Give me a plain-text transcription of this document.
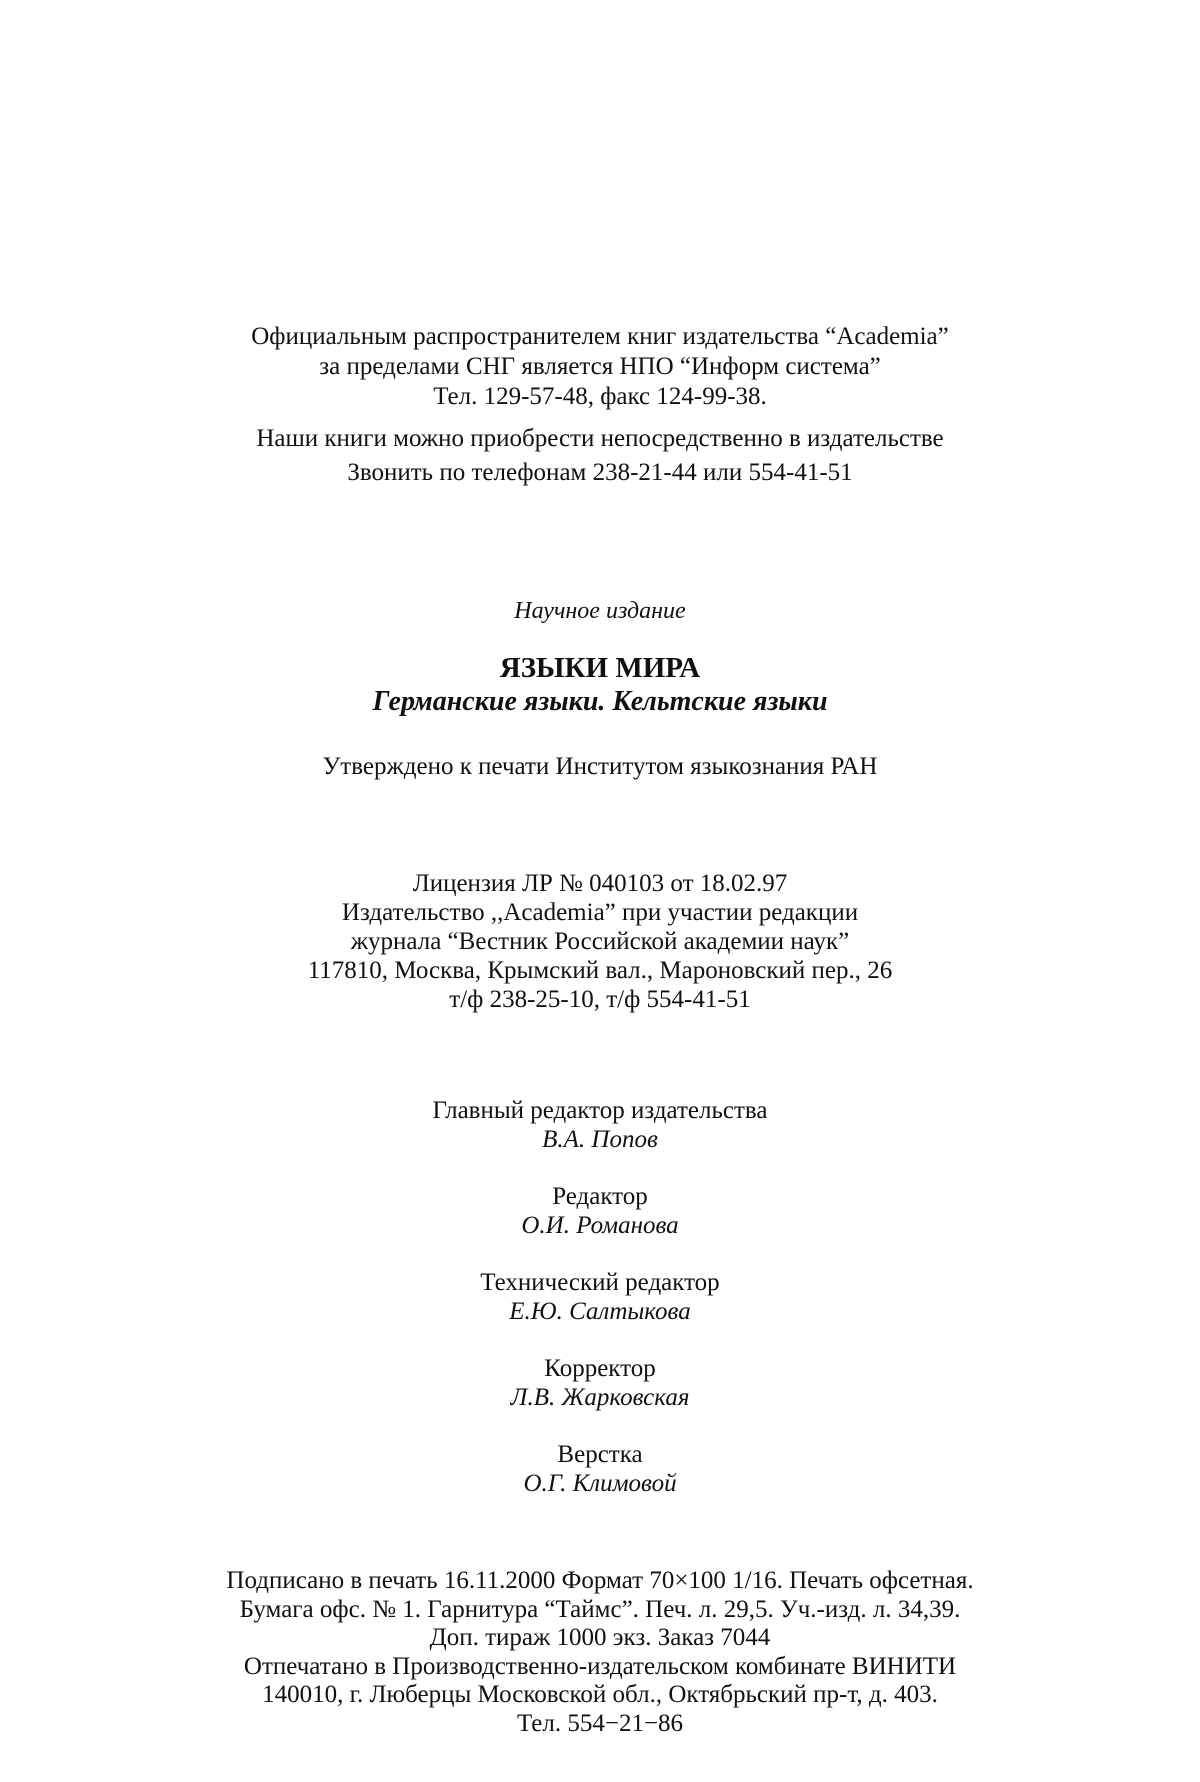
Официальным распространителем книг издательства “Academia”
за пределами СНГ является НПО “Информ система”
Тел. 129-57-48, факс 124-99-38.
Наши книги можно приобрести непосредственно в издательстве
Звонить по телефонам 238-21-44 или 554-41-51
Научное издание
ЯЗЫКИ МИРА
Германские языки. Кельтские языки
Утверждено к печати Институтом языкознания РАН
Лицензия ЛР № 040103 от 18.02.97
Издательство ,,Academia” при участии редакции
журнала “Вестник Российской академии наук”
117810, Москва, Крымский вал., Мароновский пер., 26
т/ф 238-25-10, т/ф 554-41-51
Главный редактор издательства
В.А. Попов
Редактор
О.И. Романова
Технический редактор
Е.Ю. Салтыкова
Корректор
Л.В. Жарковская
Верстка
О.Г. Климовой
Подписано в печать 16.11.2000 Формат 70×100 1/16. Печать офсетная.
Бумага офс. № 1. Гарнитура “Таймс”. Печ. л. 29,5. Уч.-изд. л. 34,39.
Доп. тираж 1000 экз. Заказ 7044
Отпечатано в Производственно-издательском комбинате ВИНИТИ
140010, г. Люберцы Московской обл., Октябрьский пр-т, д. 403.
Тел. 554−21−86
